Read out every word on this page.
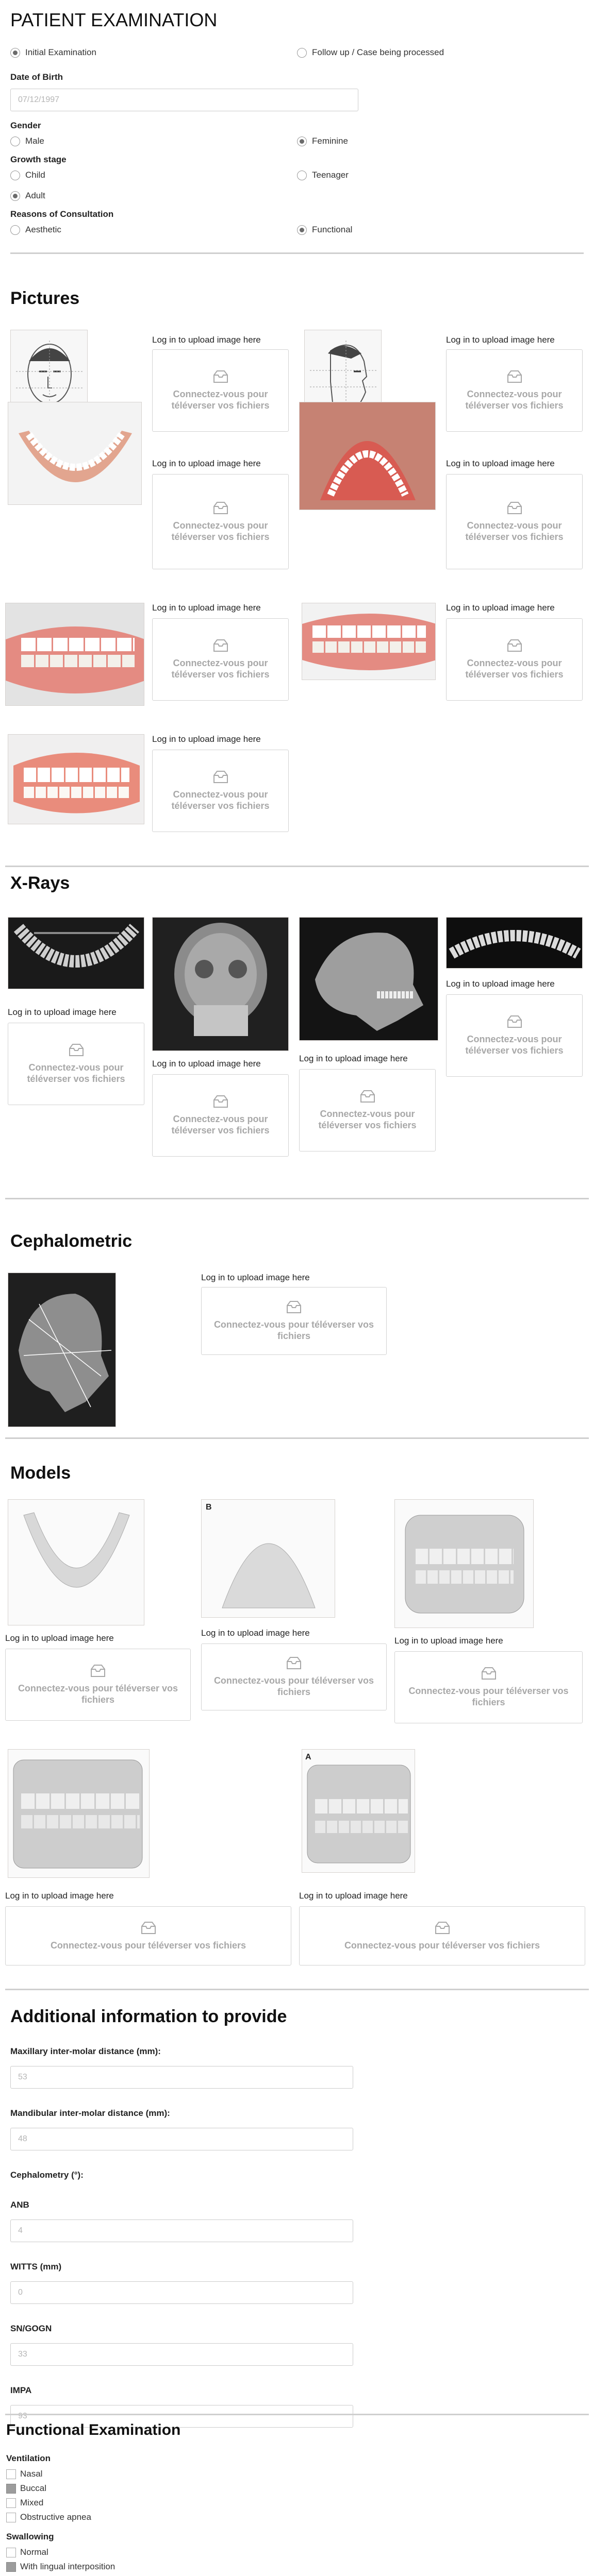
PATIENT EXAMINATION
Initial Examination	Follow up / Case being processed
Date of Birth
07/12/1997
Gender
Male	Feminine
Growth stage
Child	Teenager
Adult
Reasons of Consultation
Aesthetic	Functional
Pictures
Log in to upload image here
Connectez-vous pour téléverser vos fichiers
Log in to upload image here
Connectez-vous pour téléverser vos fichiers
Log in to upload image here
Connectez-vous pour téléverser vos fichiers
Log in to upload image here
Connectez-vous pour téléverser vos fichiers
Log in to upload image here
Connectez-vous pour téléverser vos fichiers
Log in to upload image here
Connectez-vous pour téléverser vos fichiers
Log in to upload image here
Connectez-vous pour téléverser vos fichiers
X-Rays
Log in to upload image here
Connectez-vous pour téléverser vos fichiers
Log in to upload image here
Connectez-vous pour téléverser vos fichiers
Log in to upload image here
Connectez-vous pour téléverser vos fichiers
Log in to upload image here
Connectez-vous pour téléverser vos fichiers
Cephalometric
Log in to upload image here
Connectez-vous pour téléverser vos fichiers
Models
B
Log in to upload image here
Connectez-vous pour téléverser vos fichiers
Log in to upload image here
Connectez-vous pour téléverser vos fichiers
Log in to upload image here
Connectez-vous pour téléverser vos fichiers
A
Log in to upload image here
Connectez-vous pour téléverser vos fichiers
Log in to upload image here
Connectez-vous pour téléverser vos fichiers
Additional information to provide
Maxillary inter-molar distance (mm):
53
Mandibular inter-molar distance (mm):
48
Cephalometry (°):
ANB
4
WITTS (mm)
0
SN/GOGN
33
IMPA
93
Functional Examination
Ventilation
Nasal
Buccal
Mixed
Obstructive apnea
Swallowing
Normal
With lingual interposition
